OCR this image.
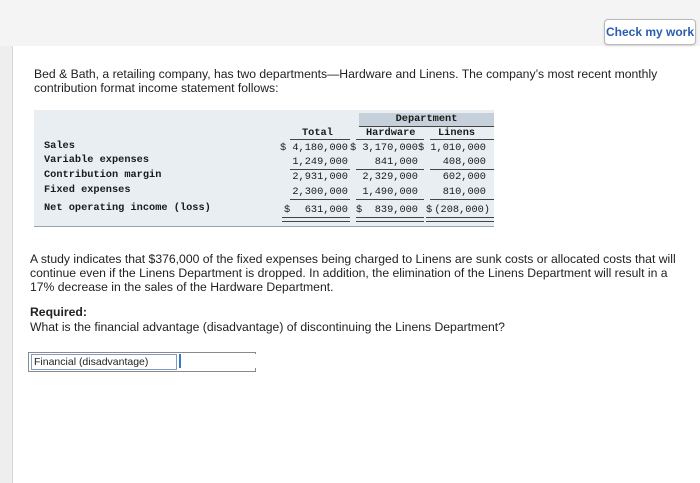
Check my work
Bed & Bath, a retailing company, has two departments—Hardware and Linens. The company’s most recent monthly contribution format income statement follows:
Department
Total	Hardware Linens
Sales	$ 4,180,000 $ 3,170,000 $ 1,010,000
Variable expenses	1,249,000	841,000 408,000
Contribution margin	2,931,000 2,329,000 602,000
Fixed expenses	2,300,000 1,490,000 810,000
Net operating income (loss)	$ 631,000 $ 839,000 $ (208,000)
A study indicates that $376,000 of the fixed expenses being charged to Linens are sunk costs or allocated costs that will continue even if the Linens Department is dropped. In addition, the elimination of the Linens Department will result in a 17% decrease in the sales of the Hardware Department.
Required:
What is the financial advantage (disadvantage) of discontinuing the Linens Department?
Financial (disadvantage)
